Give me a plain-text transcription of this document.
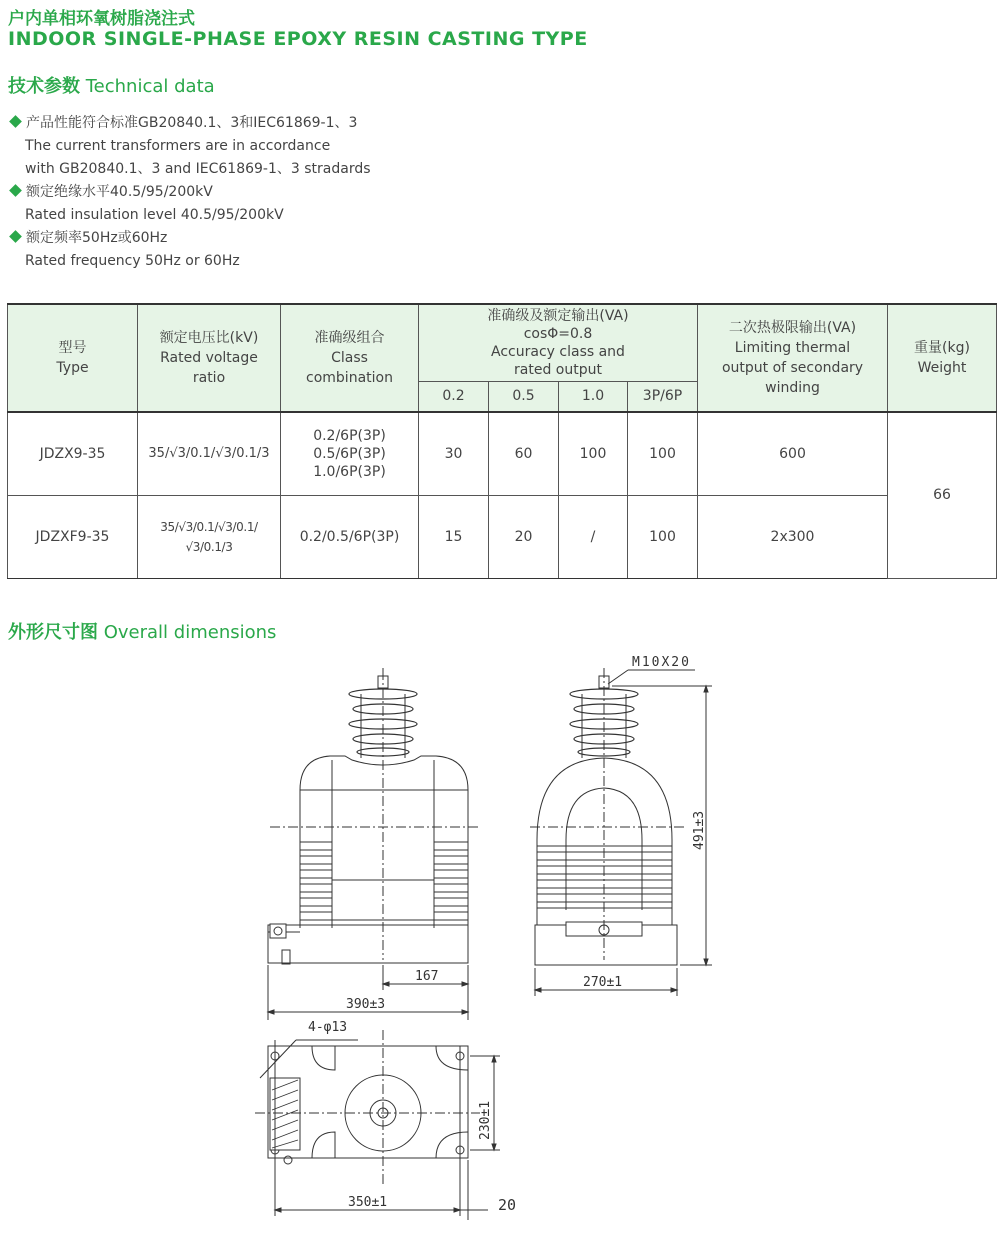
户内单相环氧树脂浇注式
INDOOR SINGLE-PHASE EPOXY RESIN CASTING TYPE
技术参数 Technical data
产品性能符合标准GB20840.1、3和IEC61869-1、3
The current transformers are in accordance
with GB20840.1、3 and IEC61869-1、3 stradards
额定绝缘水平40.5/95/200kV
Rated insulation level 40.5/95/200kV
额定频率50Hz或60Hz
Rated frequency 50Hz or 60Hz
型号
Type	额定电压比(kV)
Rated voltage
ratio	准确级组合
Class
combination	准确级及额定输出(VA)
cosΦ=0.8
Accuracy class and
rated output				二次热极限输出(VA)
Limiting thermal
output of secondary
winding	重量(kg)
Weight
			0.2	0.5	1.0	3P/6P		
JDZX9-35	35/√3/0.1/√3/0.1/3	0.2/6P(3P)
0.5/6P(3P)
1.0/6P(3P)	30	60	100	100	600	66
JDZXF9-35	35/√3/0.1/√3/0.1/√3/0.1/3	0.2/0.5/6P(3P)	15	20	/	100	2x300	
外形尺寸图 Overall dimensions
M10X20
491±3
167
390±3
270±1
4-φ13
230±1
350±1	20
